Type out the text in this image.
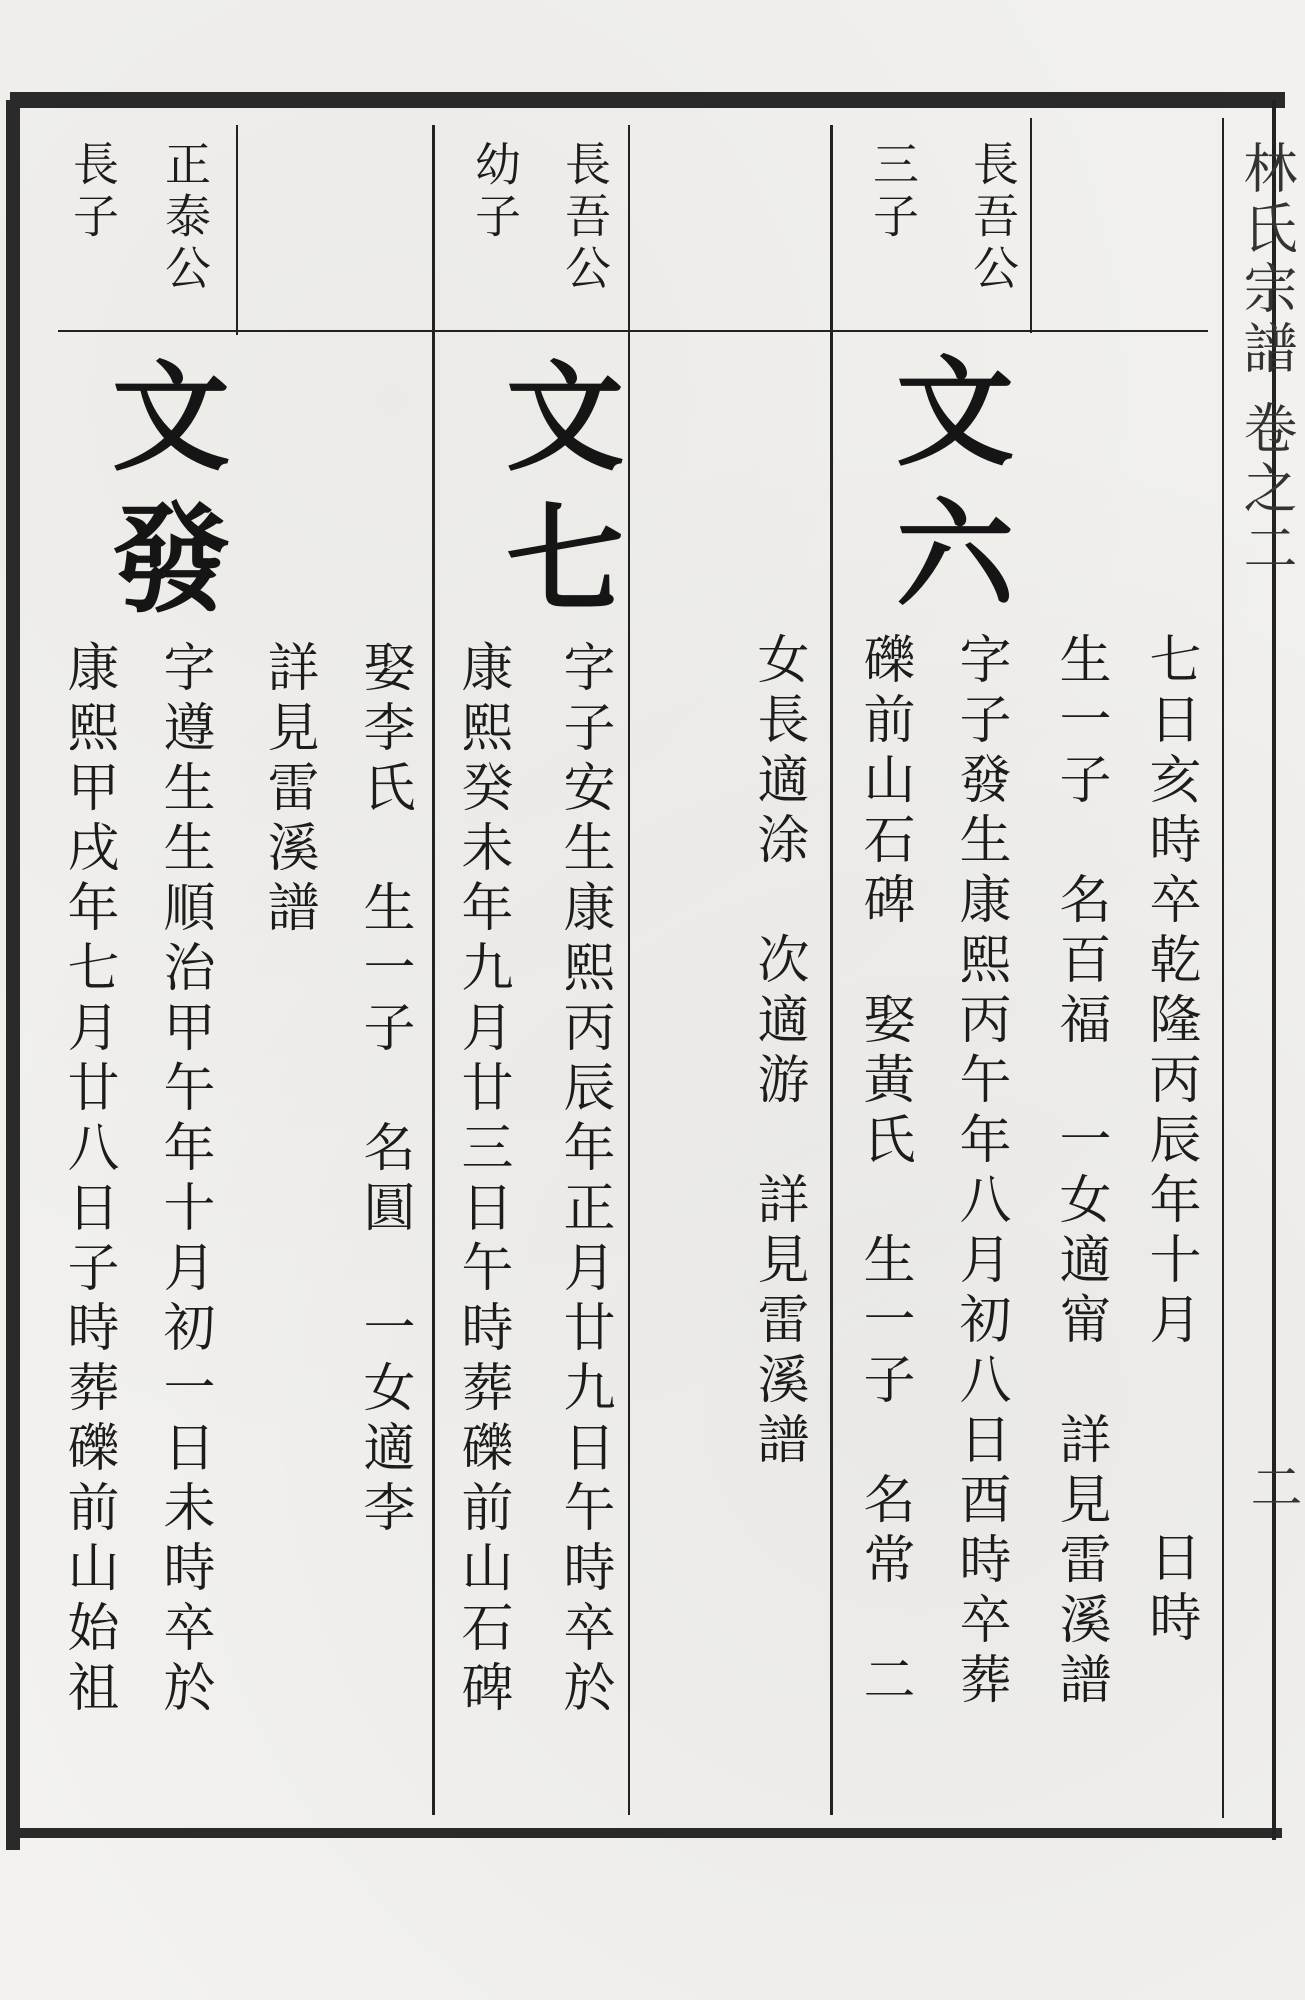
林氏宗譜
卷之二
二
七日亥時卒乾隆丙辰年十月
日時
生一子　名百福　一女適甯　詳見雷溪譜
長吾公
三子
文六
字子發生康熙丙午年八月初八日酉時卒葬
礫前山石碑　娶黃氏　生一子　名常　二
女長適涂　次適游　詳見雷溪譜
長吾公
幼子
文七
字子安生康熙丙辰年正月廿九日午時卒於
康熙癸未年九月廿三日午時葬礫前山石碑
娶李氏　生一子　名圓　一女適李
詳見雷溪譜
正泰公
長子
文發
字遵生生順治甲午年十月初一日未時卒於
康熙甲戌年七月廿八日子時葬礫前山始祖
